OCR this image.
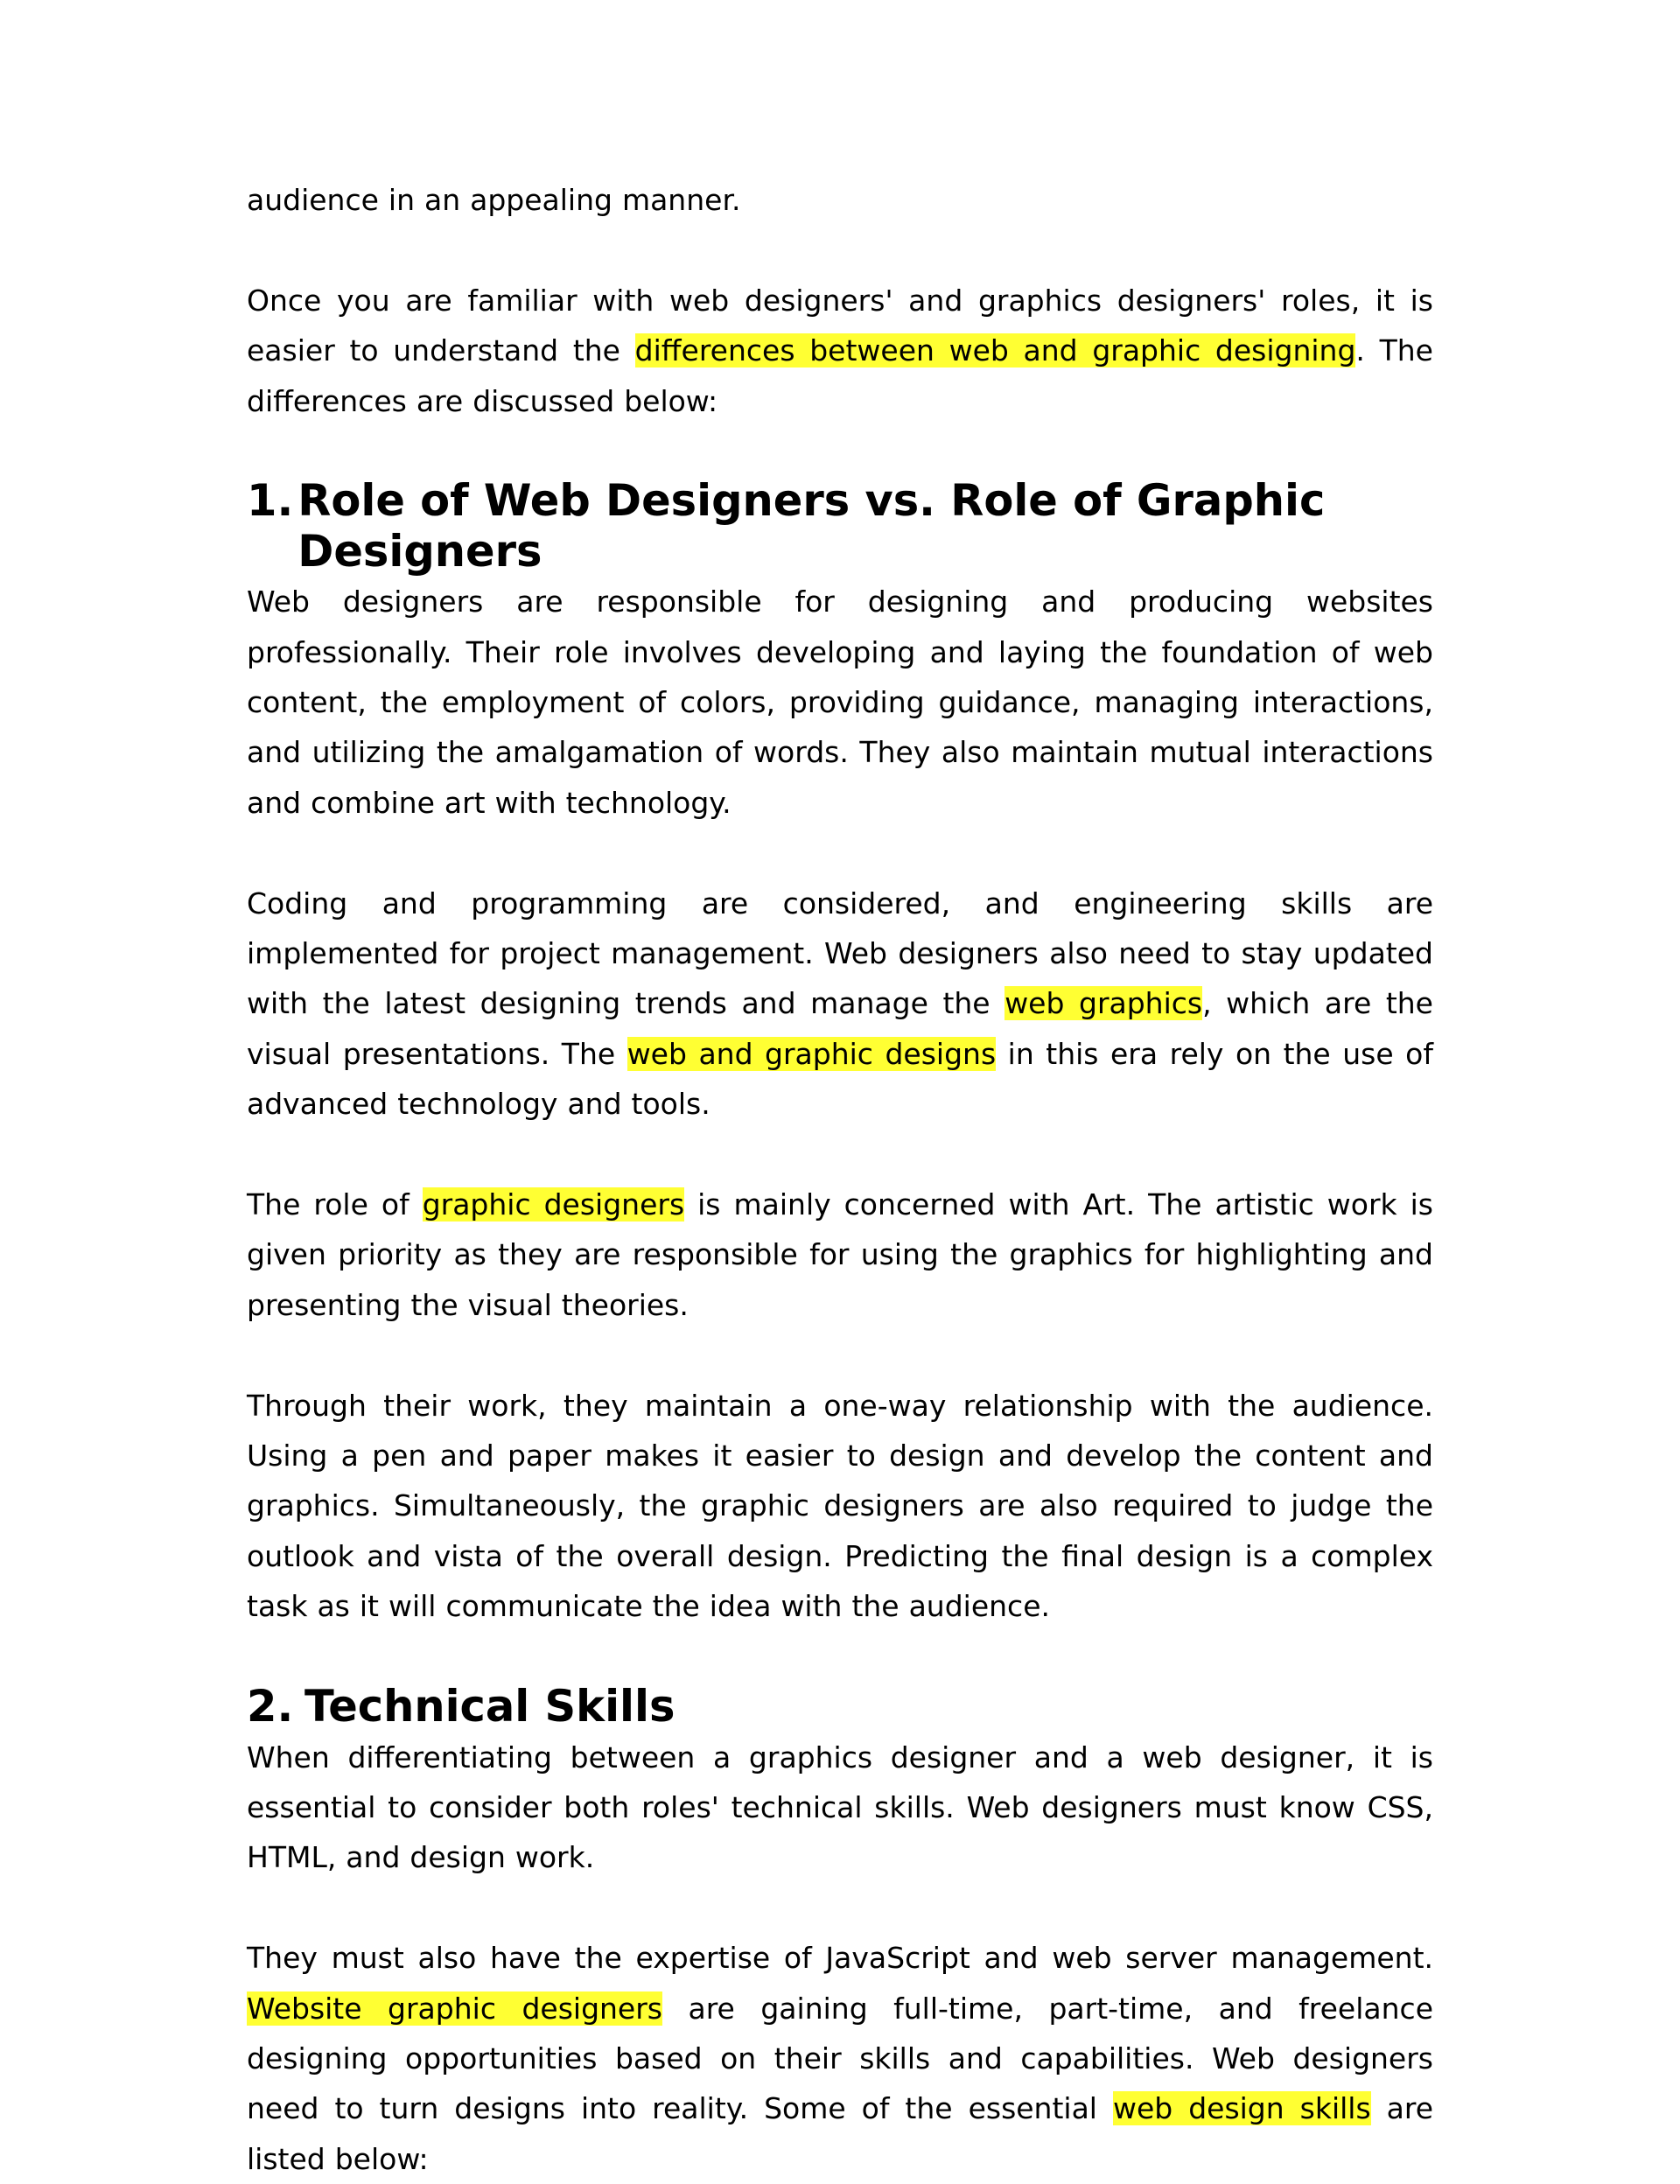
audience in an appealing manner.

Once you are familiar with web designers' and graphics designers' roles, it is easier to understand the differences between web and graphic designing. The differences are discussed below:

1. Role of Web Designers vs. Role of Graphic Designers

Web designers are responsible for designing and producing websites professionally. Their role involves developing and laying the foundation of web content, the employment of colors, providing guidance, managing interactions, and utilizing the amalgamation of words. They also maintain mutual interactions and combine art with technology.

Coding and programming are considered, and engineering skills are implemented for project management. Web designers also need to stay updated with the latest designing trends and manage the web graphics, which are the visual presentations. The web and graphic designs in this era rely on the use of advanced technology and tools.

The role of graphic designers is mainly concerned with Art. The artistic work is given priority as they are responsible for using the graphics for highlighting and presenting the visual theories.

Through their work, they maintain a one-way relationship with the audience. Using a pen and paper makes it easier to design and develop the content and graphics. Simultaneously, the graphic designers are also required to judge the outlook and vista of the overall design. Predicting the final design is a complex task as it will communicate the idea with the audience.

2. Technical Skills

When differentiating between a graphics designer and a web designer, it is essential to consider both roles' technical skills. Web designers must know CSS, HTML, and design work.

They must also have the expertise of JavaScript and web server management. Website graphic designers are gaining full-time, part-time, and freelance designing opportunities based on their skills and capabilities. Web designers need to turn designs into reality. Some of the essential web design skills are listed below:
